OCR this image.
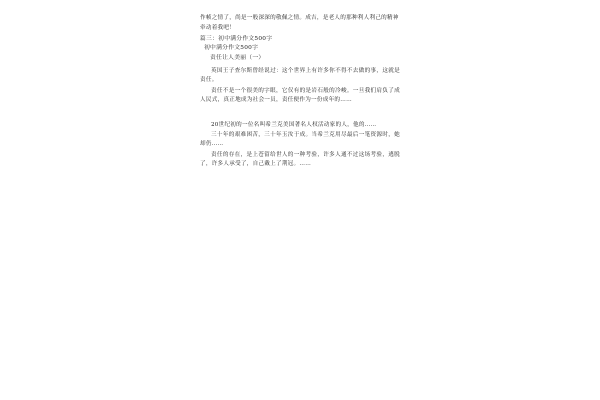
作帧之情了，尚是一般深深的敬佩之情。成吉，是老人的那种利人利己的精神

牵动着我吧！

篇三：初中满分作文500字

初中满分作文500字

责任让人美丽（一）

英国王子查尔斯曾经说过：这个世界上有许多你不得不去做的事，这就是责任。

责任不是一个很美的字眼，它仅有的是岩石般的冷峻。一旦我们肩负了成人民式，真正地成为社会一员，责任便作为一份成年的……

20世纪初的一位名叫希兰克美国著名人权活动家的人，他的……

三十年的艰难困苦，三十年玉汝于成。当希兰克用尽最后一笔资源时，她却仍……

责任的存在，是上苍留给世人的一种考验，许多人通不过这场考验，逃脱了，许多人承受了，自己戴上了荆冠。……
